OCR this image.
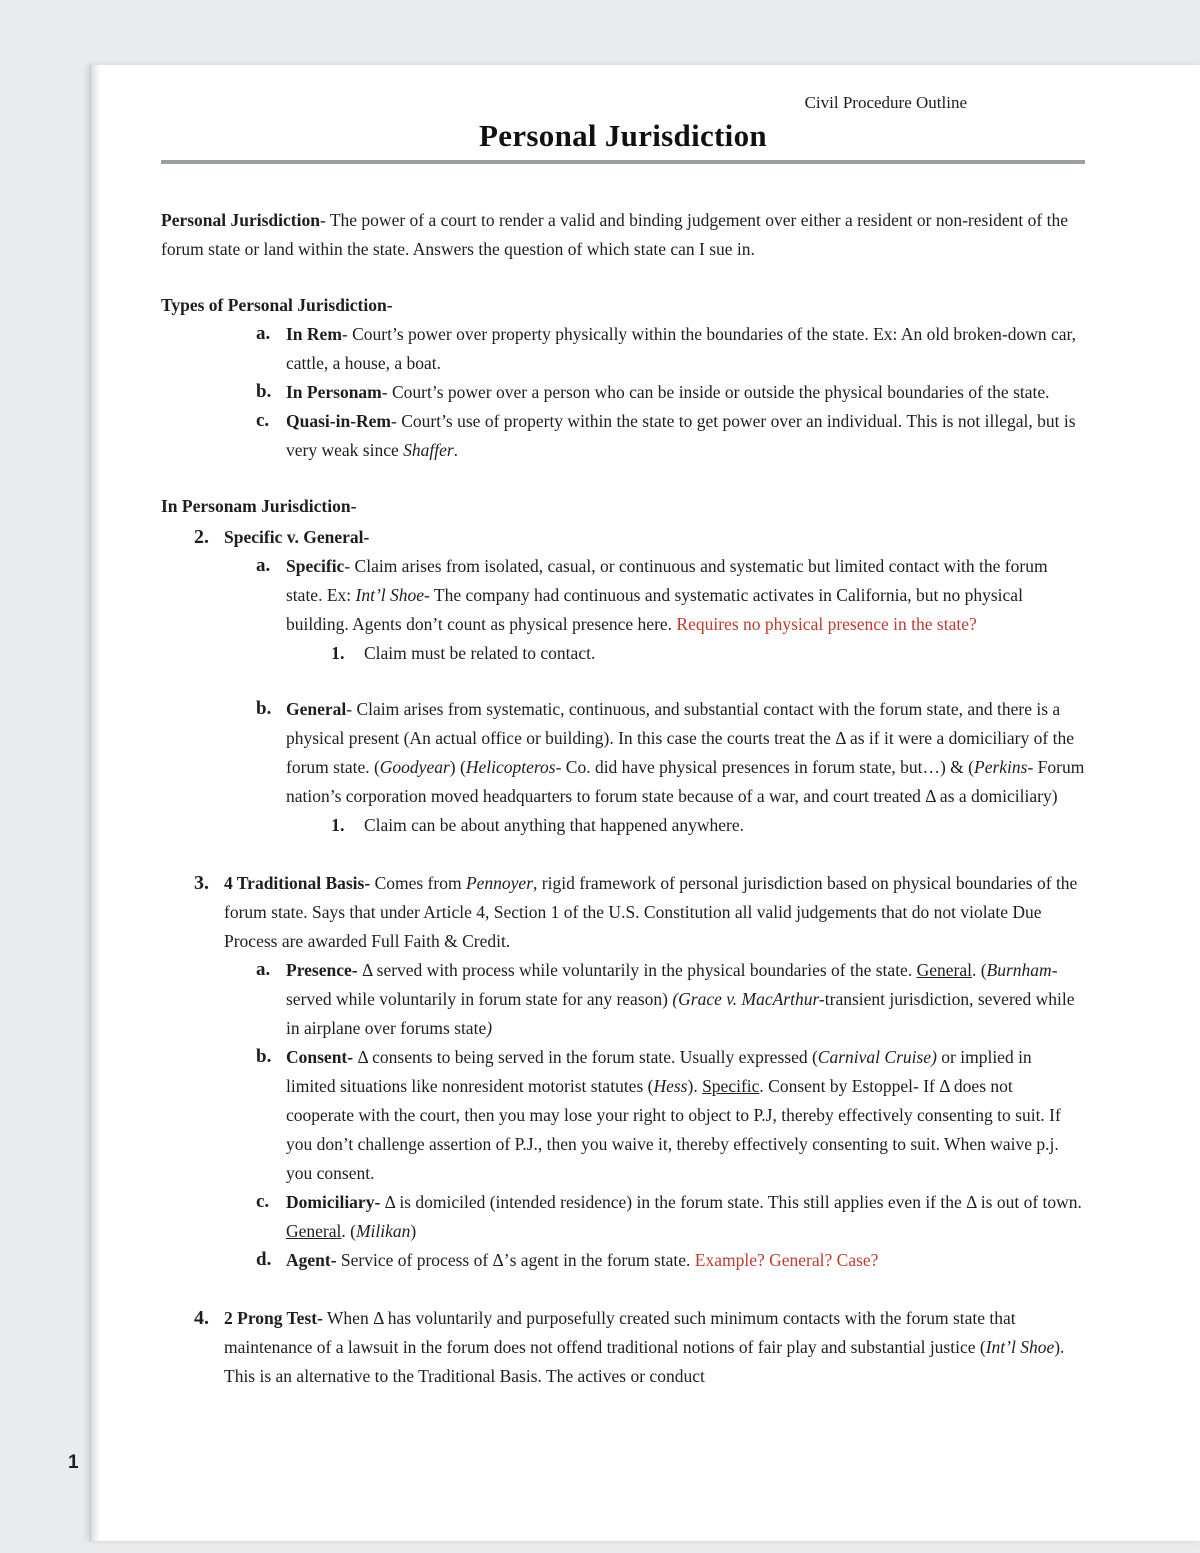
Civil Procedure Outline
Personal Jurisdiction
Personal Jurisdiction- The power of a court to render a valid and binding judgement over either a resident or non-resident of the forum state or land within the state. Answers the question of which state can I sue in.
Types of Personal Jurisdiction-
a. In Rem- Court’s power over property physically within the boundaries of the state. Ex: An old broken-down car, cattle, a house, a boat.
b. In Personam- Court’s power over a person who can be inside or outside the physical boundaries of the state.
c. Quasi-in-Rem- Court’s use of property within the state to get power over an individual. This is not illegal, but is very weak since Shaffer.
In Personam Jurisdiction-
2. Specific v. General-
a. Specific- Claim arises from isolated, casual, or continuous and systematic but limited contact with the forum state. Ex: Int’l Shoe- The company had continuous and systematic activates in California, but no physical building. Agents don’t count as physical presence here. Requires no physical presence in the state?
1.	Claim must be related to contact.
b. General- Claim arises from systematic, continuous, and substantial contact with the forum state, and there is a physical present (An actual office or building). In this case the courts treat the Δ as if it were a domiciliary of the forum state. (Goodyear) (Helicopteros- Co. did have physical presences in forum state, but…) & (Perkins- Forum nation’s corporation moved headquarters to forum state because of a war, and court treated Δ as a domiciliary)
1.	Claim can be about anything that happened anywhere.
3. 4 Traditional Basis- Comes from Pennoyer, rigid framework of personal jurisdiction based on physical boundaries of the forum state. Says that under Article 4, Section 1 of the U.S. Constitution all valid judgements that do not violate Due Process are awarded Full Faith & Credit.
a. Presence- Δ served with process while voluntarily in the physical boundaries of the state. General. (Burnham-served while voluntarily in forum state for any reason) (Grace v. MacArthur-transient jurisdiction, severed while in airplane over forums state)
b. Consent- Δ consents to being served in the forum state. Usually expressed (Carnival Cruise) or implied in limited situations like nonresident motorist statutes (Hess). Specific. Consent by Estoppel- If Δ does not cooperate with the court, then you may lose your right to object to P.J, thereby effectively consenting to suit. If you don’t challenge assertion of P.J., then you waive it, thereby effectively consenting to suit. When waive p.j. you consent.
c. Domiciliary- Δ is domiciled (intended residence) in the forum state. This still applies even if the Δ is out of town. General. (Milikan)
d. Agent- Service of process of Δ’s agent in the forum state. Example? General? Case?
4. 2 Prong Test- When Δ has voluntarily and purposefully created such minimum contacts with the forum state that maintenance of a lawsuit in the forum does not offend traditional notions of fair play and substantial justice (Int’l Shoe). This is an alternative to the Traditional Basis. The actives or conduct
1
